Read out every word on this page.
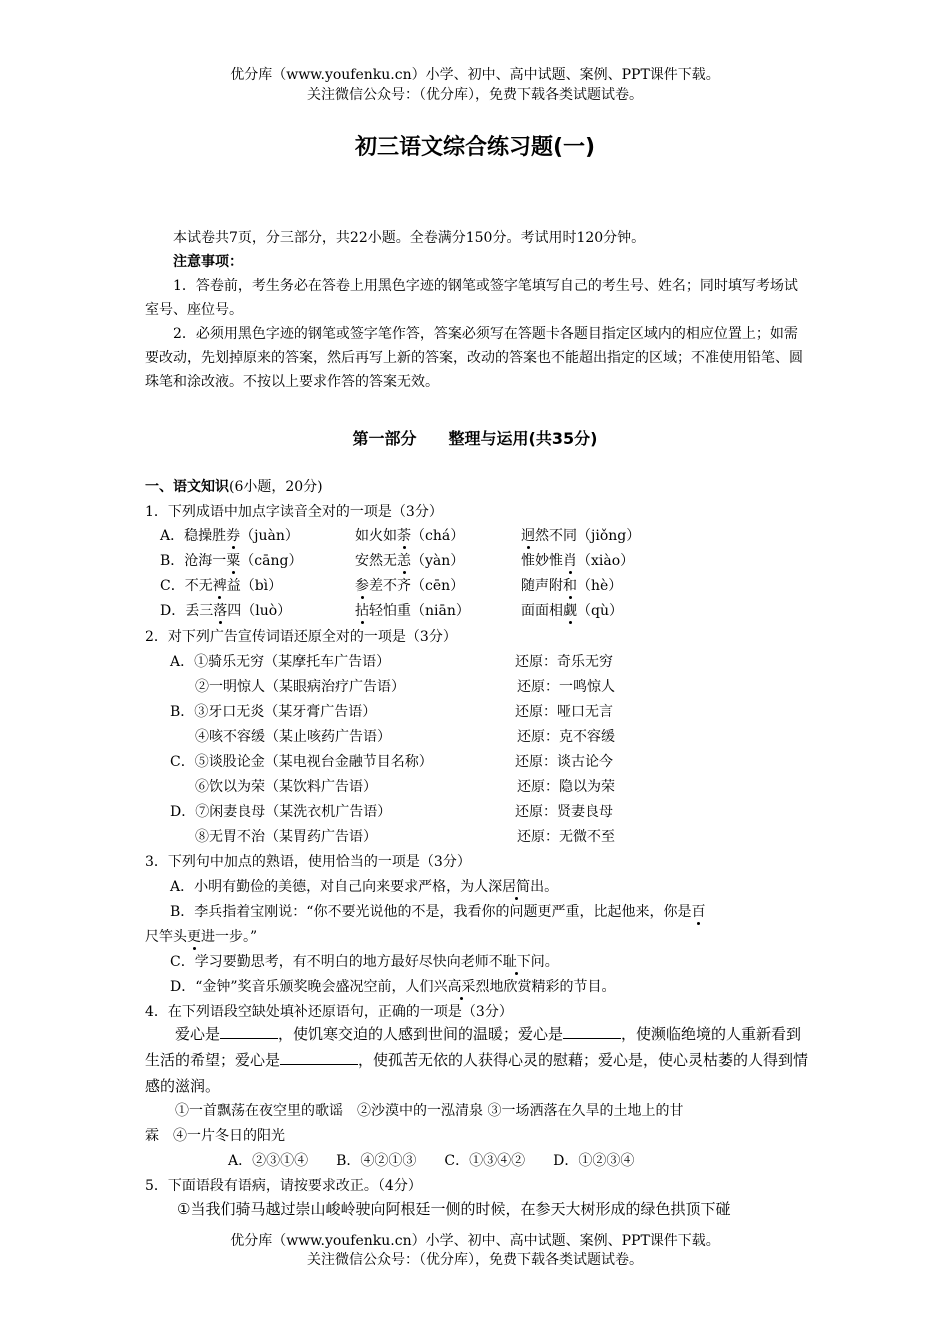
优分库（www.youfenku.cn）小学、初中、高中试题、案例、PPT课件下载。
关注微信公众号：（优分库），免费下载各类试题试卷。
初三语文综合练习题(一)
本试卷共7页，分三部分，共22小题。全卷满分150分。考试用时120分钟。
注意事项：
1．答卷前，考生务必在答卷上用黑色字迹的钢笔或签字笔填写自己的考生号、姓名；同时填写考场试室号、座位号。
2．必须用黑色字迹的钢笔或签字笔作答，答案必须写在答题卡各题目指定区域内的相应位置上；如需要改动，先划掉原来的答案，然后再写上新的答案，改动的答案也不能超出指定的区域；不准使用铅笔、圆珠笔和涂改液。不按以上要求作答的答案无效。
第一部分　　整理与运用(共35分)
一、语文知识(6小题，20分)
1．下列成语中加点字读音全对的一项是（3分）
A．稳操胜券（juàn）	如火如荼（chá）	迥然不同（jiǒng）
B．沧海一粟（cāng）	安然无恙（yàn）	惟妙惟肖（xiào）
C．不无裨益（bì）	参差不齐（cēn）	随声附和（hè）
D．丢三落四（luò）	拈轻怕重（niān）	面面相觑（qù）
2．对下列广告宣传词语还原全对的一项是（3分）
A．①骑乐无穷（某摩托车广告语）	还原：奇乐无穷
②一明惊人（某眼病治疗广告语）	还原：一鸣惊人
B．③牙口无炎（某牙膏广告语）	还原：哑口无言
④咳不容缓（某止咳药广告语）	还原：克不容缓
C．⑤谈股论金（某电视台金融节目名称）	还原：谈古论今
⑥饮以为荣（某饮料广告语）	还原：隐以为荣
D．⑦闲妻良母（某洗衣机广告语）	还原：贤妻良母
⑧无胃不治（某胃药广告语）	还原：无微不至
3．下列句中加点的熟语，使用恰当的一项是（3分）
A．小明有勤俭的美德，对自己向来要求严格，为人深居简出。
B．李兵指着宝刚说：“你不要光说他的不是，我看你的问题更严重，比起他来，你是百
尺竿头更进一步。”
C．学习要勤思考，有不明白的地方最好尽快向老师不耻下问。
D．“金钟”奖音乐颁奖晚会盛况空前，人们兴高采烈地欣赏精彩的节目。
4．在下列语段空缺处填补还原语句，正确的一项是（3分）
爱心是	，使饥寒交迫的人感到世间的温暖；爱心是	，使濒临绝境的人重新看到生活的希望；爱心是	，使孤苦无依的人获得心灵的慰藉；爱心是，使心灵枯萎的人得到情感的滋润。
①一首飘荡在夜空里的歌谣　②沙漠中的一泓清泉 ③一场洒落在久旱的土地上的甘
霖　④一片冬日的阳光
A．②③①④　　B．④②①③　　C．①③④②　　D．①②③④
5．下面语段有语病，请按要求改正。（4分）
①当我们骑马越过崇山峻岭驶向阿根廷一侧的时候，在参天大树形成的绿色拱顶下碰
优分库（www.youfenku.cn）小学、初中、高中试题、案例、PPT课件下载。
关注微信公众号：（优分库），免费下载各类试题试卷。
